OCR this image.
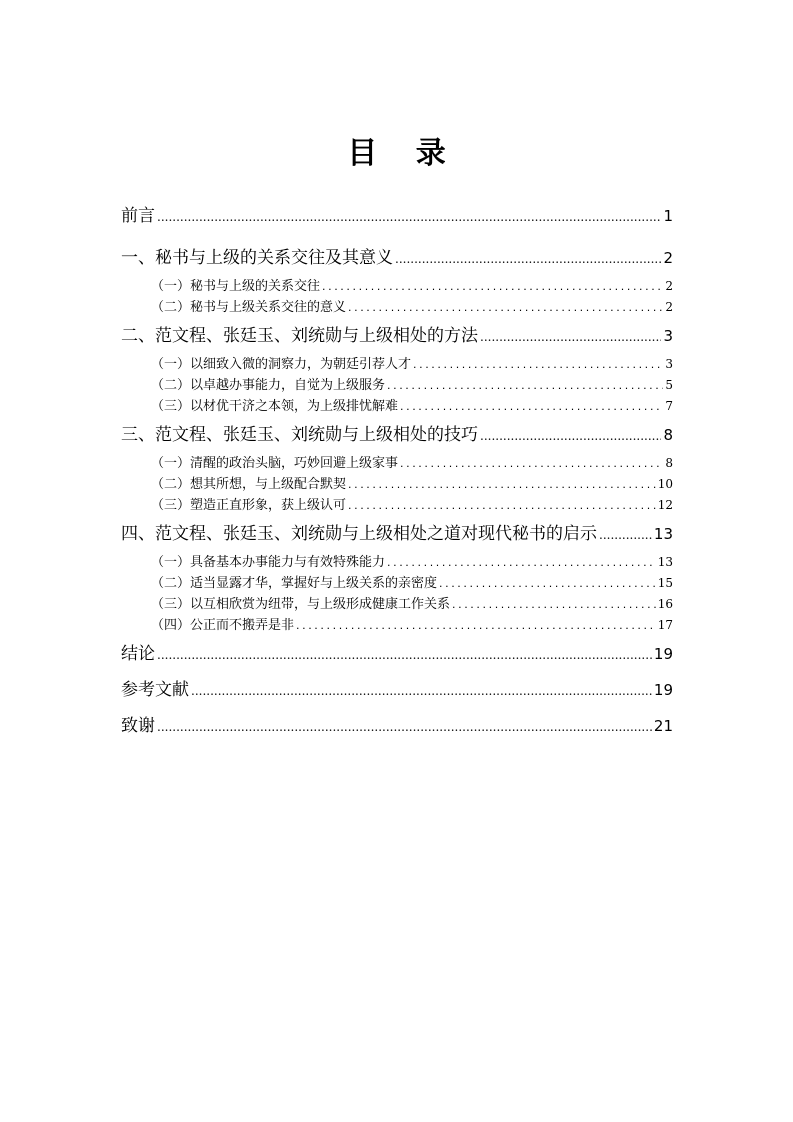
目 录
前言 .....	1
一、秘书与上级的关系交往及其意义 .....	2
（一）秘书与上级的关系交往 .....	2
（二）秘书与上级关系交往的意义 .....	2
二、范文程、张廷玉、刘统勋与上级相处的方法 .....	3
（一）以细致入微的洞察力，为朝廷引荐人才 .....	3
（二）以卓越办事能力，自觉为上级服务 .....	5
（三）以材优干济之本领，为上级排忧解难 .....	7
三、范文程、张廷玉、刘统勋与上级相处的技巧 .....	8
（一）清醒的政治头脑，巧妙回避上级家事 .....	8
（二）想其所想，与上级配合默契 .....	10
（三）塑造正直形象，获上级认可 .....	12
四、范文程、张廷玉、刘统勋与上级相处之道对现代秘书的启示 .....	13
（一）具备基本办事能力与有效特殊能力 .....	13
（二）适当显露才华，掌握好与上级关系的亲密度 .....	15
（三）以互相欣赏为纽带，与上级形成健康工作关系 .....	16
（四）公正而不搬弄是非 .....	17
结论 .....	19
参考文献 .....	19
致谢 .....	21
